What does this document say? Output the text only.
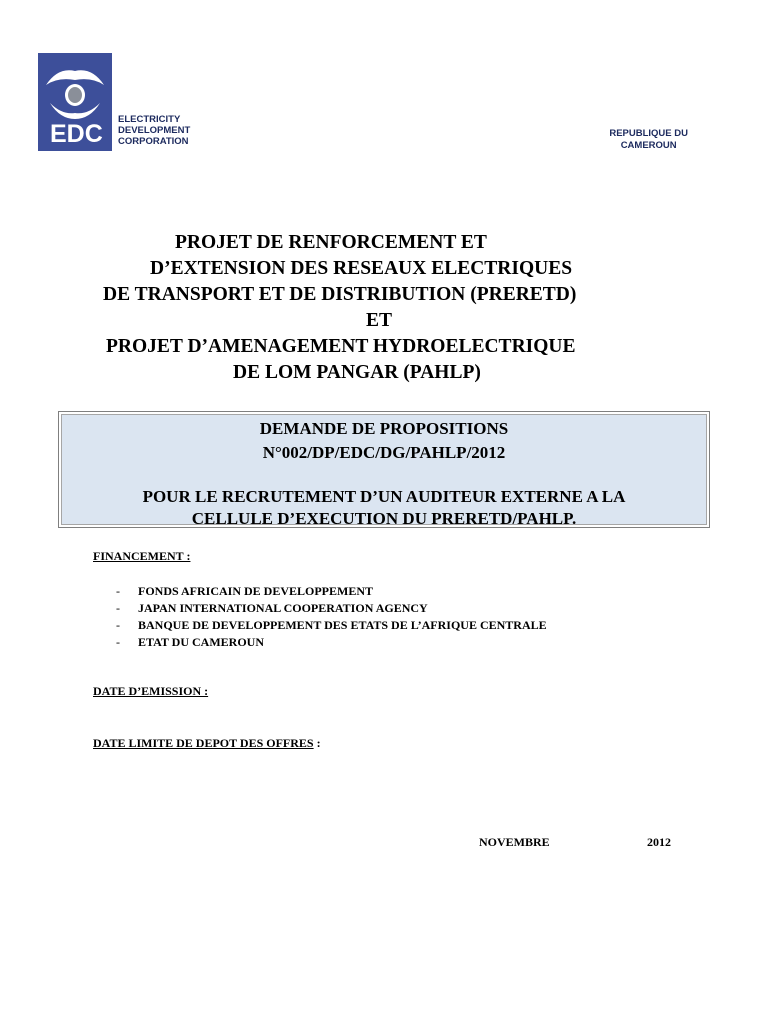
EDC
ELECTRICITY
DEVELOPMENT
CORPORATION
REPUBLIQUE DU
CAMEROUN
PROJET DE RENFORCEMENT ET
D’EXTENSION DES RESEAUX ELECTRIQUES
DE TRANSPORT ET DE DISTRIBUTION (PRERETD)
ET
PROJET D’AMENAGEMENT HYDROELECTRIQUE
DE LOM PANGAR (PAHLP)
DEMANDE DE PROPOSITIONS
N°002/DP/EDC/DG/PAHLP/2012
POUR LE RECRUTEMENT D’UN AUDITEUR EXTERNE A LA
CELLULE D’EXECUTION DU PRERETD/PAHLP.
FINANCEMENT :
- FONDS AFRICAIN DE DEVELOPPEMENT
- JAPAN INTERNATIONAL COOPERATION AGENCY
- BANQUE DE DEVELOPPEMENT DES ETATS DE L’AFRIQUE CENTRALE
- ETAT DU CAMEROUN
DATE D’EMISSION :
DATE LIMITE DE DEPOT DES OFFRES :
NOVEMBRE	2012
